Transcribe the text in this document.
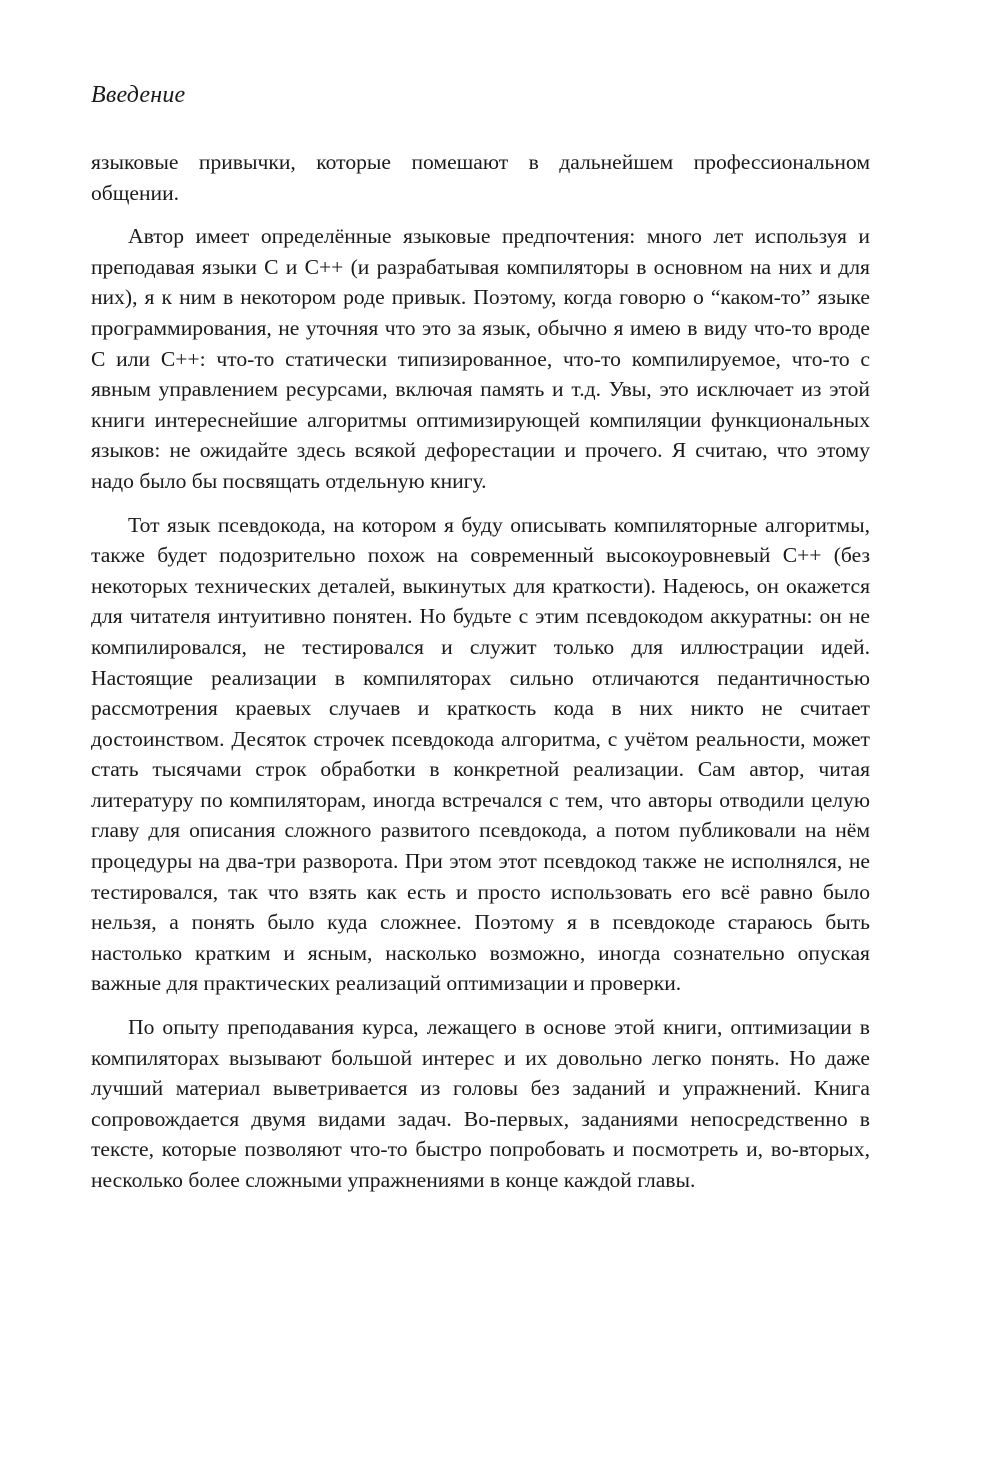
Введение

языковые привычки, которые помешают в дальнейшем профессиональном общении.

Автор имеет определённые языковые предпочтения: много лет используя и преподавая языки C и C++ (и разрабатывая компиляторы в основном на них и для них), я к ним в некотором роде привык. Поэтому, когда говорю о “каком-то” языке программирования, не уточняя что это за язык, обычно я имею в виду что-то вроде C или C++: что-то статически типизированное, что-то компилируемое, что-то с явным управлением ресурсами, включая память и т.д. Увы, это исключает из этой книги интереснейшие алгоритмы оптимизирующей компиляции функциональных языков: не ожидайте здесь всякой дефорестации и прочего. Я считаю, что этому надо было бы посвящать отдельную книгу.

Тот язык псевдокода, на котором я буду описывать компиляторные алгоритмы, также будет подозрительно похож на современный высокоуровневый C++ (без некоторых технических деталей, выкинутых для краткости). Надеюсь, он окажется для читателя интуитивно понятен. Но будьте с этим псевдокодом аккуратны: он не компилировался, не тестировался и служит только для иллюстрации идей. Настоящие реализации в компиляторах сильно отличаются педантичностью рассмотрения краевых случаев и краткость кода в них никто не считает достоинством. Десяток строчек псевдокода алгоритма, с учётом реальности, может стать тысячами строк обработки в конкретной реализации. Сам автор, читая литературу по компиляторам, иногда встречался с тем, что авторы отводили целую главу для описания сложного развитого псевдокода, а потом публиковали на нём процедуры на два-три разворота. При этом этот псевдокод также не исполнялся, не тестировался, так что взять как есть и просто использовать его всё равно было нельзя, а понять было куда сложнее. Поэтому я в псевдокоде стараюсь быть настолько кратким и ясным, насколько возможно, иногда сознательно опуская важные для практических реализаций оптимизации и проверки.

По опыту преподавания курса, лежащего в основе этой книги, оптимизации в компиляторах вызывают большой интерес и их довольно легко понять. Но даже лучший материал выветривается из головы без заданий и упражнений. Книга сопровождается двумя видами задач. Во-первых, заданиями непосредственно в тексте, которые позволяют что-то быстро попробовать и посмотреть и, во-вторых, несколько более сложными упражнениями в конце каждой главы.
